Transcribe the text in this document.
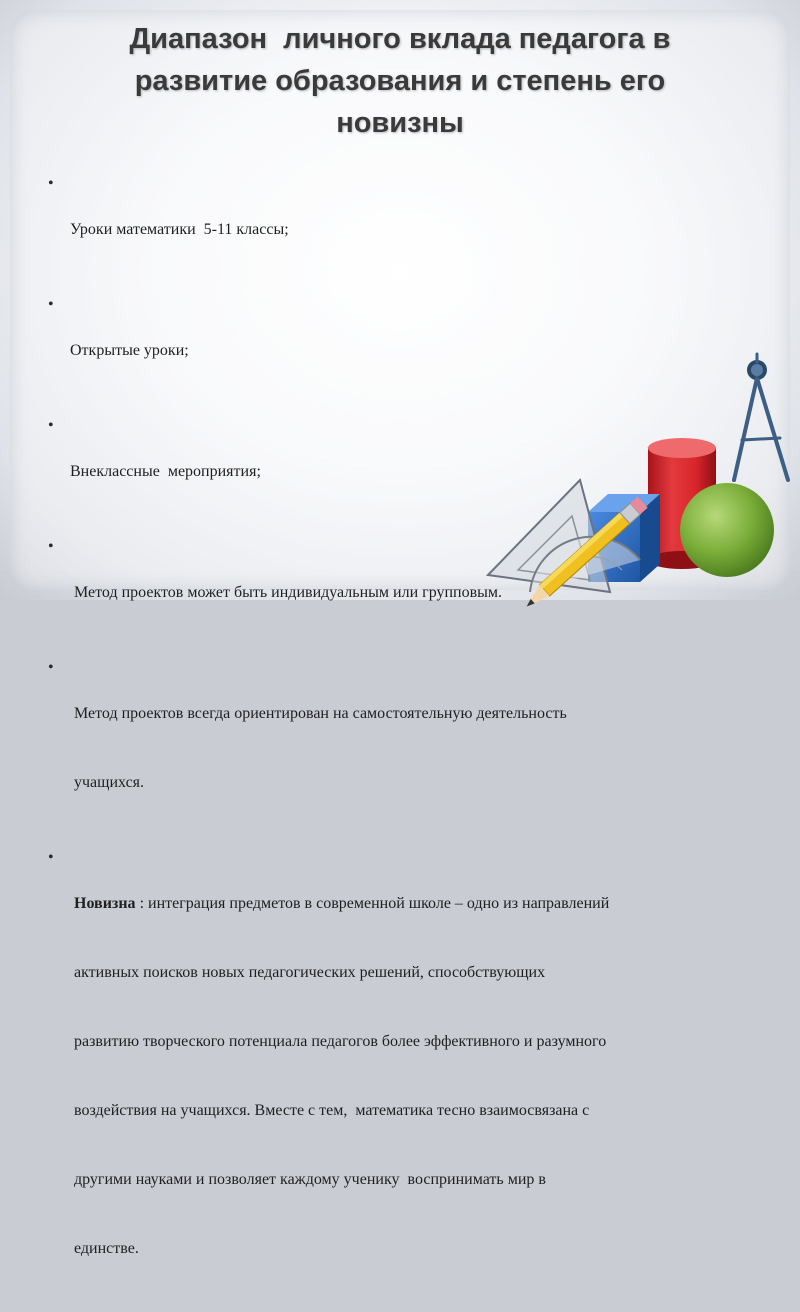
Диапазон  личного вклада педагога в
развитие образования и степень его
новизны

• Уроки математики  5-11 классы;

• Открытые уроки;

• Внеклассные  мероприятия;

• Метод проектов может быть индивидуальным или групповым.

• Метод проектов всегда ориентирован на самостоятельную деятельность

учащихся.

• Новизна : интеграция предметов в современной школе – одно из направлений

активных поисков новых педагогических решений, способствующих

развитию творческого потенциала педагогов более эффективного и разумного

воздействия на учащихся. Вместе с тем,  математика тесно взаимосвязана с

другими науками и позволяет каждому ученику  воспринимать мир в

единстве.
